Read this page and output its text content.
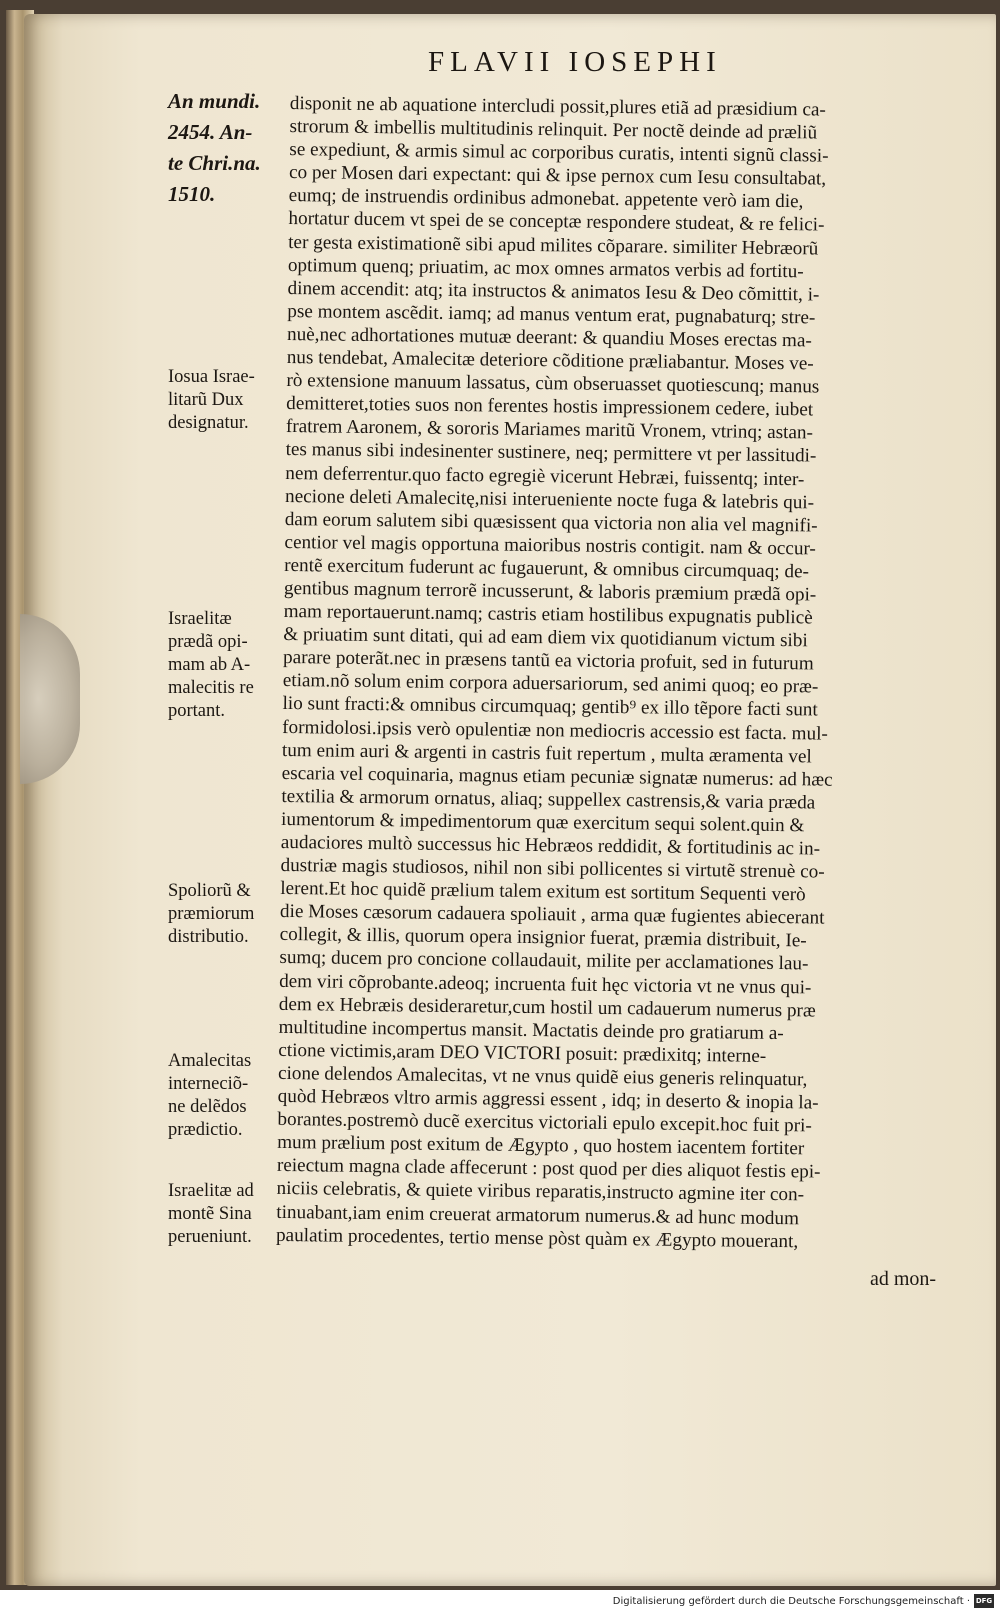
FLAVII IOSEPHI
An mundi.
2454. An-
te Chri.na.
1510.
Iosua Israe-
litarũ Dux
designatur.
Israelitæ
prædã opi-
mam ab A-
malecitis re
portant.
Spoliorũ &
præmiorum
distributio.
Amalecitas
interneciõ-
ne delẽdos
prædictio.
Israelitæ ad
montẽ Sina
perueniunt.
disponit ne ab aquatione intercludi possit,plures etiã ad præsidium ca-
strorum & imbellis multitudinis relinquit. Per noctẽ deinde ad præliũ
se expediunt, & armis simul ac corporibus curatis, intenti signũ classi-
co per Mosen dari expectant: qui & ipse pernox cum Iesu consultabat,
eumq; de instruendis ordinibus admonebat. appetente verò iam die,
hortatur ducem vt spei de se conceptæ respondere studeat, & re felici-
ter gesta existimationẽ sibi apud milites cõparare. similiter Hebræorũ
optimum quenq; priuatim, ac mox omnes armatos verbis ad fortitu-
dinem accendit: atq; ita instructos & animatos Iesu & Deo cõmittit, i-
pse montem ascẽdit. iamq; ad manus ventum erat, pugnabaturq; stre-
nuè,nec adhortationes mutuæ deerant: & quandiu Moses erectas ma-
nus tendebat, Amalecitæ deteriore cõditione præliabantur. Moses ve-
rò extensione manuum lassatus, cùm obseruasset quotiescunq; manus
demitteret,toties suos non ferentes hostis impressionem cedere, iubet
fratrem Aaronem, & sororis Mariames maritũ Vronem, vtrinq; astan-
tes manus sibi indesinenter sustinere, neq; permittere vt per lassitudi-
nem deferrentur.quo facto egregiè vicerunt Hebræi, fuissentq; inter-
necione deleti Amalecitę,nisi interueniente nocte fuga & latebris qui-
dam eorum salutem sibi quæsissent qua victoria non alia vel magnifi-
centior vel magis opportuna maioribus nostris contigit. nam & occur-
rentẽ exercitum fuderunt ac fugauerunt, & omnibus circumquaq; de-
gentibus magnum terrorẽ incusserunt, & laboris præmium prædã opi-
mam reportauerunt.namq; castris etiam hostilibus expugnatis publicè
& priuatim sunt ditati, qui ad eam diem vix quotidianum victum sibi
parare poterãt.nec in præsens tantũ ea victoria profuit, sed in futurum
etiam.nõ solum enim corpora aduersariorum, sed animi quoq; eo præ-
lio sunt fracti:& omnibus circumquaq; gentib⁹ ex illo tẽpore facti sunt
formidolosi.ipsis verò opulentiæ non mediocris accessio est facta. mul-
tum enim auri & argenti in castris fuit repertum , multa æramenta vel
escaria vel coquinaria, magnus etiam pecuniæ signatæ numerus: ad hæc
textilia & armorum ornatus, aliaq; suppellex castrensis,& varia præda
iumentorum & impedimentorum quæ exercitum sequi solent.quin &
audaciores multò successus hic Hebræos reddidit, & fortitudinis ac in-
dustriæ magis studiosos, nihil non sibi pollicentes si virtutẽ strenuè co-
lerent.Et hoc quidẽ prælium talem exitum est sortitum Sequenti verò
die Moses cæsorum cadauera spoliauit , arma quæ fugientes abiecerant
collegit, & illis, quorum opera insignior fuerat, præmia distribuit, Ie-
sumq; ducem pro concione collaudauit, milite per acclamationes lau-
dem viri cõprobante.adeoq; incruenta fuit hęc victoria vt ne vnus qui-
dem ex Hebræis desideraretur,cum hostil um cadauerum numerus præ
multitudine incompertus mansit. Mactatis deinde pro gratiarum a-
ctione victimis,aram DEO VICTORI posuit: prædixitq; interne-
cione delendos Amalecitas, vt ne vnus quidẽ eius generis relinquatur,
quòd Hebræos vltro armis aggressi essent , idq; in deserto & inopia la-
borantes.postremò ducẽ exercitus victoriali epulo excepit.hoc fuit pri-
mum prælium post exitum de Ægypto , quo hostem iacentem fortiter
reiectum magna clade affecerunt : post quod per dies aliquot festis epi-
niciis celebratis, & quiete viribus reparatis,instructo agmine iter con-
tinuabant,iam enim creuerat armatorum numerus.& ad hunc modum
paulatim procedentes, tertio mense pòst quàm ex Ægypto mouerant,
ad mon-
Digitalisierung gefördert durch die Deutsche Forschungsgemeinschaft · DFG
